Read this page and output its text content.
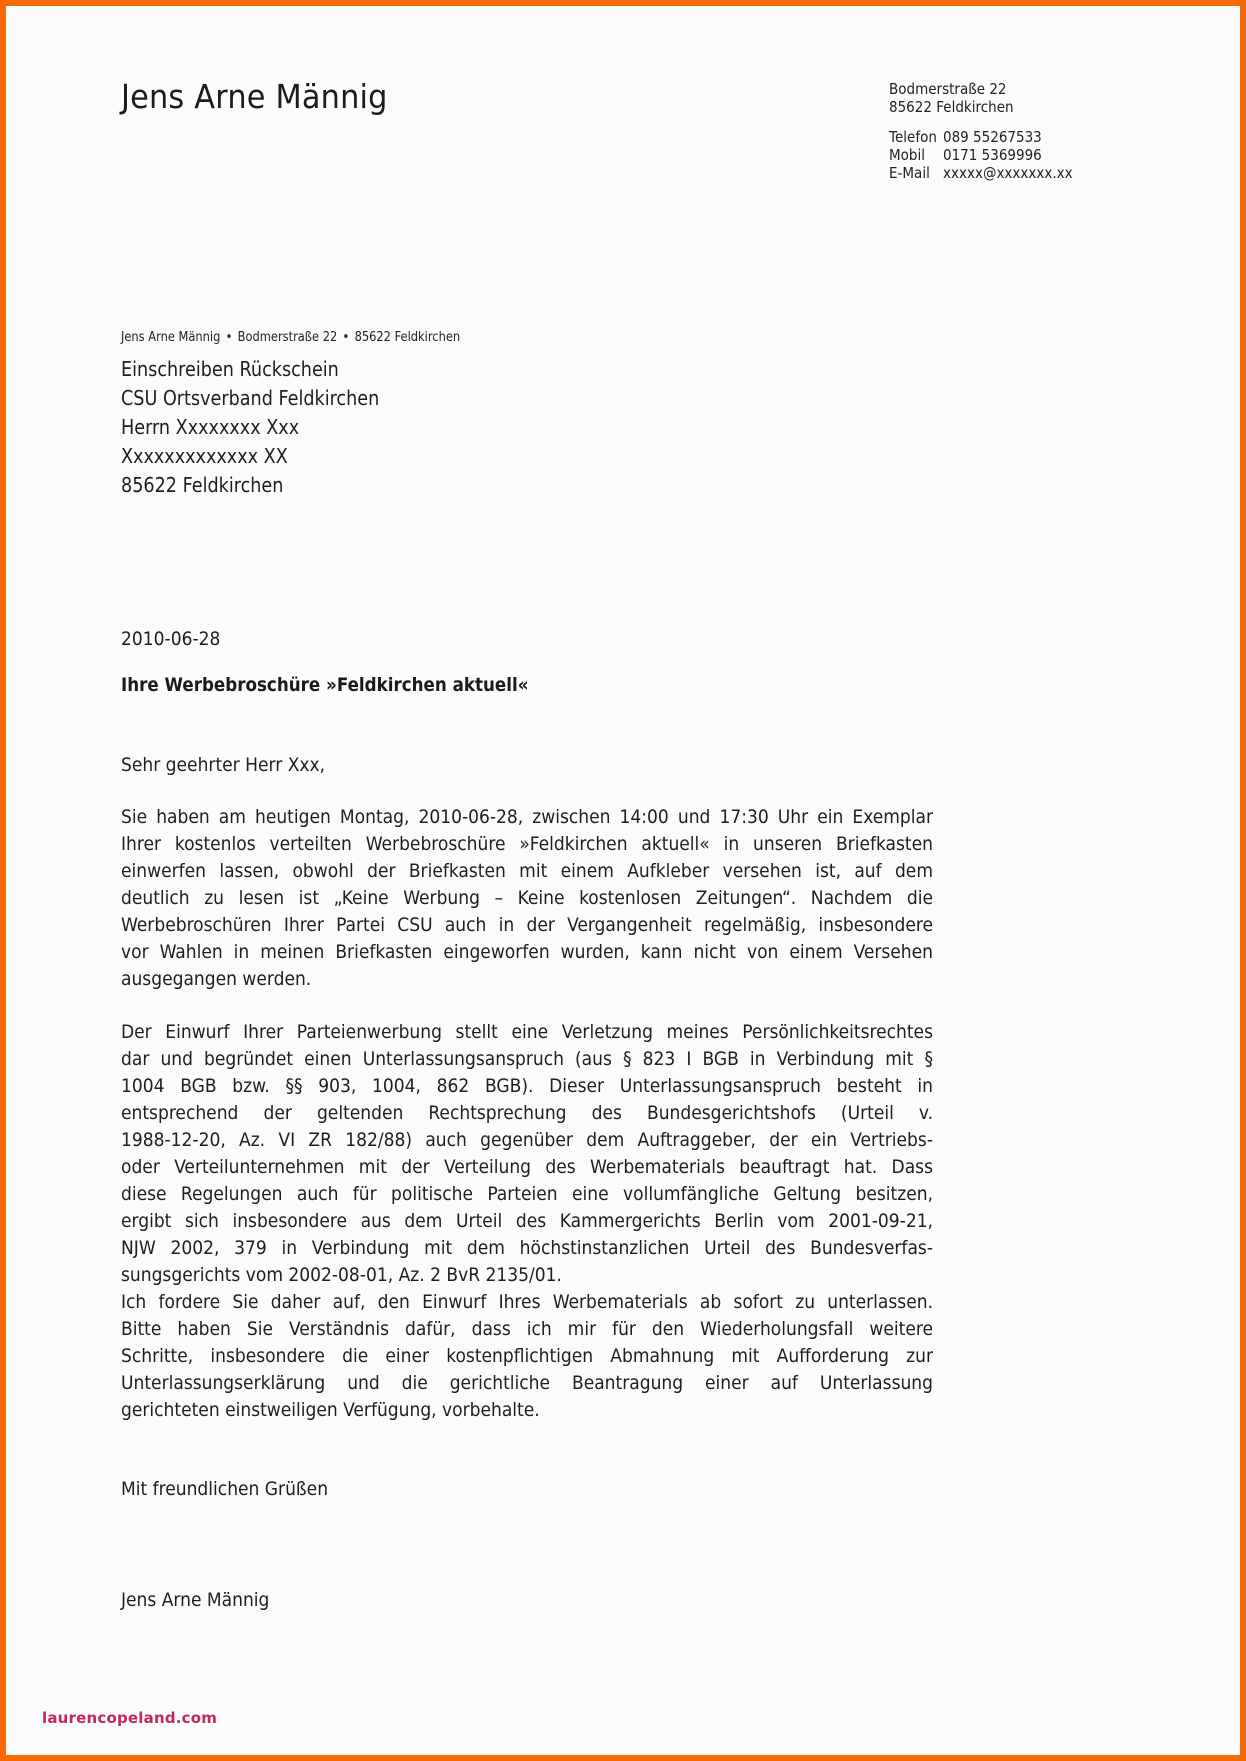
Jens Arne Männig	Bodmerstraße 22
85622 Feldkirchen
Telefon 089 55267533
Mobil	0171 5369996
E-Mail xxxxx@xxxxxxx.xx
Jens Arne Männig • Bodmerstraße 22 • 85622 Feldkirchen
Einschreiben Rückschein
CSU Ortsverband Feldkirchen
Herrn Xxxxxxxx Xxx
Xxxxxxxxxxxxx XX
85622 Feldkirchen
2010-06-28
Ihre Werbebroschüre »Feldkirchen aktuell«
Sehr geehrter Herr Xxx,
Sie haben am heutigen Montag, 2010-06-28, zwischen 14:00 und 17:30 Uhr ein Exemplar
Ihrer kostenlos verteilten Werbebroschüre »Feldkirchen aktuell« in unseren Briefkasten
einwerfen lassen, obwohl der Briefkasten mit einem Aufkleber versehen ist, auf dem
deutlich zu lesen ist „Keine Werbung – Keine kostenlosen Zeitungen“. Nachdem die
Werbebroschüren Ihrer Partei CSU auch in der Vergangenheit regelmäßig, insbesondere
vor Wahlen in meinen Briefkasten eingeworfen wurden, kann nicht von einem Versehen
ausgegangen werden.
Der Einwurf Ihrer Parteienwerbung stellt eine Verletzung meines Persönlichkeitsrechtes
dar und begründet einen Unterlassungsanspruch (aus § 823 I BGB in Verbindung mit §
1004 BGB bzw. §§ 903, 1004, 862 BGB). Dieser Unterlassungsanspruch besteht in
entsprechend der geltenden Rechtsprechung des Bundesgerichtshofs (Urteil v.
1988-12-20, Az. VI ZR 182/88) auch gegenüber dem Auftraggeber, der ein Vertriebs-
oder Verteilunternehmen mit der Verteilung des Werbematerials beauftragt hat. Dass
diese Regelungen auch für politische Parteien eine vollumfängliche Geltung besitzen,
ergibt sich insbesondere aus dem Urteil des Kammergerichts Berlin vom 2001-09-21,
NJW 2002, 379 in Verbindung mit dem höchstinstanzlichen Urteil des Bundesverfas-
sungsgerichts vom 2002-08-01, Az. 2 BvR 2135/01.
Ich fordere Sie daher auf, den Einwurf Ihres Werbematerials ab sofort zu unterlassen.
Bitte haben Sie Verständnis dafür, dass ich mir für den Wiederholungsfall weitere
Schritte, insbesondere die einer kostenpflichtigen Abmahnung mit Aufforderung zur
Unterlassungserklärung und die gerichtliche Beantragung einer auf Unterlassung
gerichteten einstweiligen Verfügung, vorbehalte.
Mit freundlichen Grüßen
Jens Arne Männig
laurencopeland.com
